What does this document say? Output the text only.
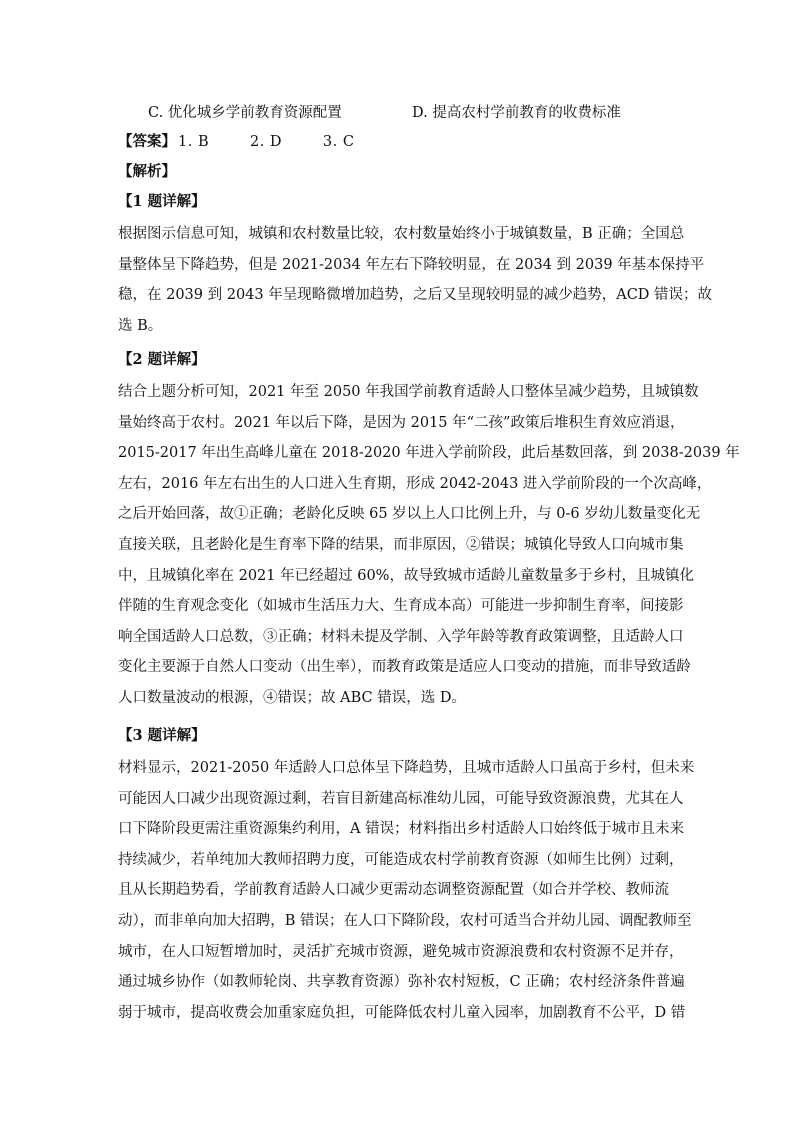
C. 优化城乡学前教育资源配置	D. 提高农村学前教育的收费标准
【答案】 1. B        2. D        3. C
【解析】
【1 题详解】
根据图示信息可知，城镇和农村数量比较，农村数量始终小于城镇数量，B 正确；全国总
量整体呈下降趋势，但是 2021-2034 年左右下降较明显，在 2034 到 2039 年基本保持平
稳，在 2039 到 2043 年呈现略微增加趋势，之后又呈现较明显的减少趋势，ACD 错误；故
选 B。
【2 题详解】
结合上题分析可知，2021 年至 2050 年我国学前教育适龄人口整体呈减少趋势，且城镇数
量始终高于农村。2021 年以后下降，是因为 2015 年“二孩”政策后堆积生育效应消退，
2015-2017 年出生高峰儿童在 2018-2020 年进入学前阶段，此后基数回落，到 2038-2039 年
左右，2016 年左右出生的人口进入生育期，形成 2042-2043 进入学前阶段的一个次高峰，
之后开始回落，故①正确；老龄化反映 65 岁以上人口比例上升，与 0-6 岁幼儿数量变化无
直接关联，且老龄化是生育率下降的结果，而非原因，②错误；城镇化导致人口向城市集
中，且城镇化率在 2021 年已经超过 60%，故导致城市适龄儿童数量多于乡村，且城镇化
伴随的生育观念变化（如城市生活压力大、生育成本高）可能进一步抑制生育率，间接影
响全国适龄人口总数，③正确；材料未提及学制、入学年龄等教育政策调整，且适龄人口
变化主要源于自然人口变动（出生率），而教育政策是适应人口变动的措施，而非导致适龄
人口数量波动的根源，④错误；故 ABC 错误，选 D。
【3 题详解】
材料显示，2021-2050 年适龄人口总体呈下降趋势，且城市适龄人口虽高于乡村，但未来
可能因人口减少出现资源过剩，若盲目新建高标准幼儿园，可能导致资源浪费，尤其在人
口下降阶段更需注重资源集约利用，A 错误；材料指出乡村适龄人口始终低于城市且未来
持续减少，若单纯加大教师招聘力度，可能造成农村学前教育资源（如师生比例）过剩，
且从长期趋势看，学前教育适龄人口减少更需动态调整资源配置（如合并学校、教师流
动），而非单向加大招聘，B 错误；在人口下降阶段，农村可适当合并幼儿园、调配教师至
城市，在人口短暂增加时，灵活扩充城市资源，避免城市资源浪费和农村资源不足并存，
通过城乡协作（如教师轮岗、共享教育资源）弥补农村短板，C 正确；农村经济条件普遍
弱于城市，提高收费会加重家庭负担，可能降低农村儿童入园率，加剧教育不公平，D 错
